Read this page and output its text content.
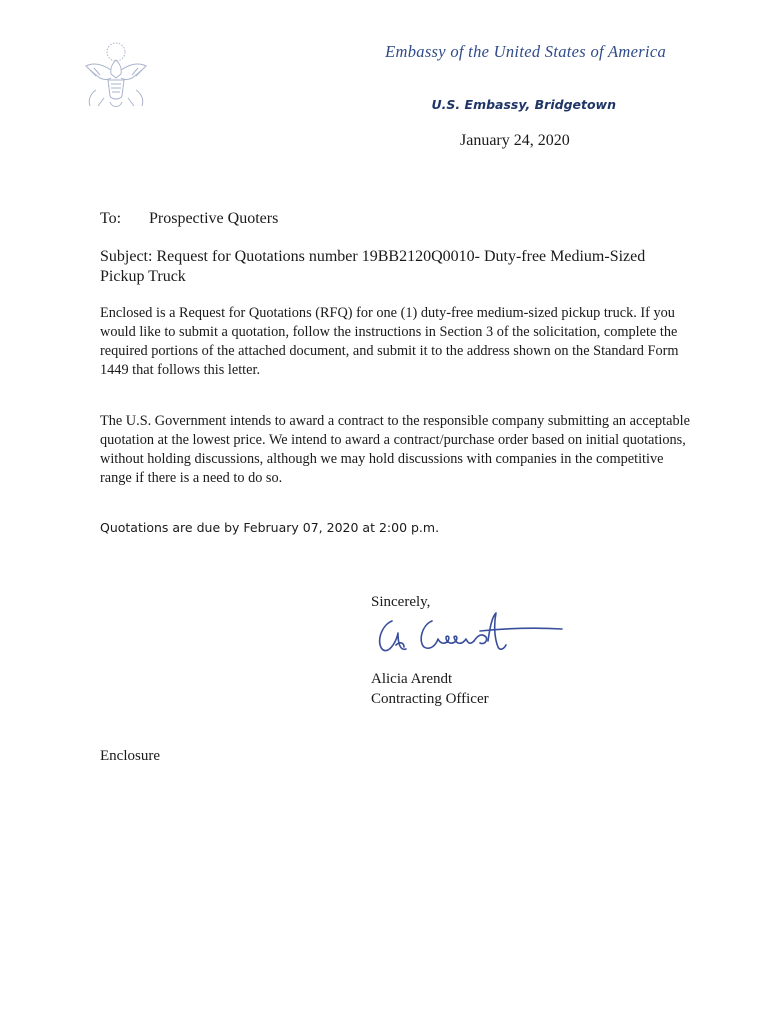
Embassy of the United States of America
U.S. Embassy, Bridgetown
January 24, 2020
To: Prospective Quoters
Subject: Request for Quotations number 19BB2120Q0010- Duty-free Medium-Sized Pickup Truck
Enclosed is a Request for Quotations (RFQ) for one (1) duty-free medium-sized pickup truck. If you would like to submit a quotation, follow the instructions in Section 3 of the solicitation, complete the required portions of the attached document, and submit it to the address shown on the Standard Form 1449 that follows this letter.
The U.S. Government intends to award a contract to the responsible company submitting an acceptable quotation at the lowest price. We intend to award a contract/purchase order based on initial quotations, without holding discussions, although we may hold discussions with companies in the competitive range if there is a need to do so.
Quotations are due by February 07, 2020 at 2:00 p.m.
Sincerely,
Alicia Arendt
Contracting Officer
Enclosure
